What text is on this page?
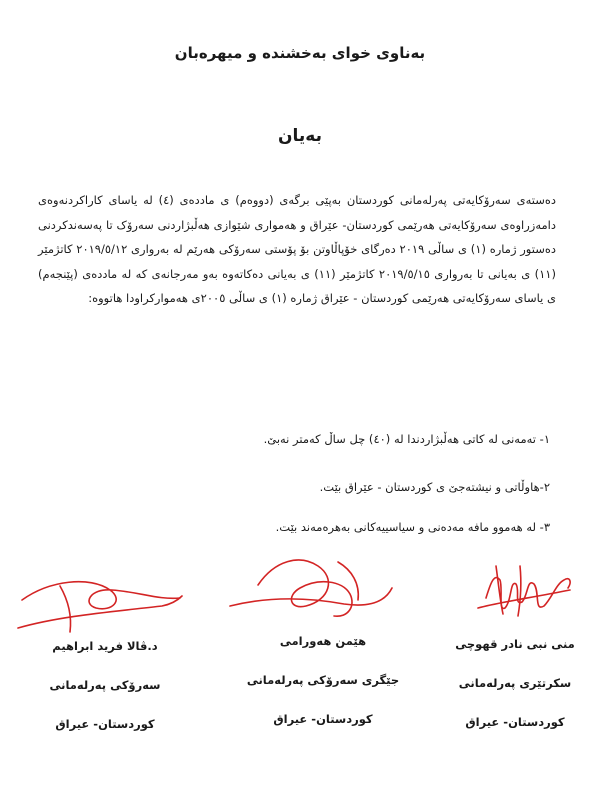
بەناوی خوای بەخشندە و میهرەبان
بەیان
دەستەی سەرۆکایەتی پەرلەمانی کوردستان بەپێی برگەی (دووەم) ی ماددەی (٤) لە یاسای کاراکردنەوەی دامەزراوەی سەرۆکایەتی هەرێمی کوردستان- عێراق و هەمواری شێوازی هەڵبژاردنی سەرۆک تا پەسەندکردنی دەستور ژمارە (١) ی ساڵی ٢٠١٩ دەرگای خۆپاڵاوتن بۆ پۆستی سەرۆکی هەرێم لە بەرواری ٢٠١٩/٥/١٢ کاتژمێر (١١) ی بەیانی تا بەرواری ٢٠١٩/٥/١٥ کاتژمێر (١١) ی بەیانی دەکاتەوە بەو مەرجانەی کە لە ماددەی (پێنجەم) ی یاسای سەرۆکایەتی هەرێمی کوردستان - عێراق ژمارە (١) ی ساڵی ٢٠٠٥ی هەموارکراودا هاتووە:
١- تەمەنی لە کاتی هەڵبژاردندا لە (٤٠) چل ساڵ کەمتر نەبێ.
٢-هاوڵاتی و نیشتەجێ ی کوردستان - عێراق بێت.
٣- لە هەموو مافە مەدەنی و سیاسییەکانی بەهرەمەند بێت.
منى نبى نادر قهوچى
سکرتێری پەرلەمانی
کوردستان- عیراق
هێمن هەورامی
جێگری سەرۆکی پەرلەمانی
کوردستان- عیراق
د.ڤالا فرید ابراهیم
سەرۆکی پەرلەمانی
کوردستان- عیراق
